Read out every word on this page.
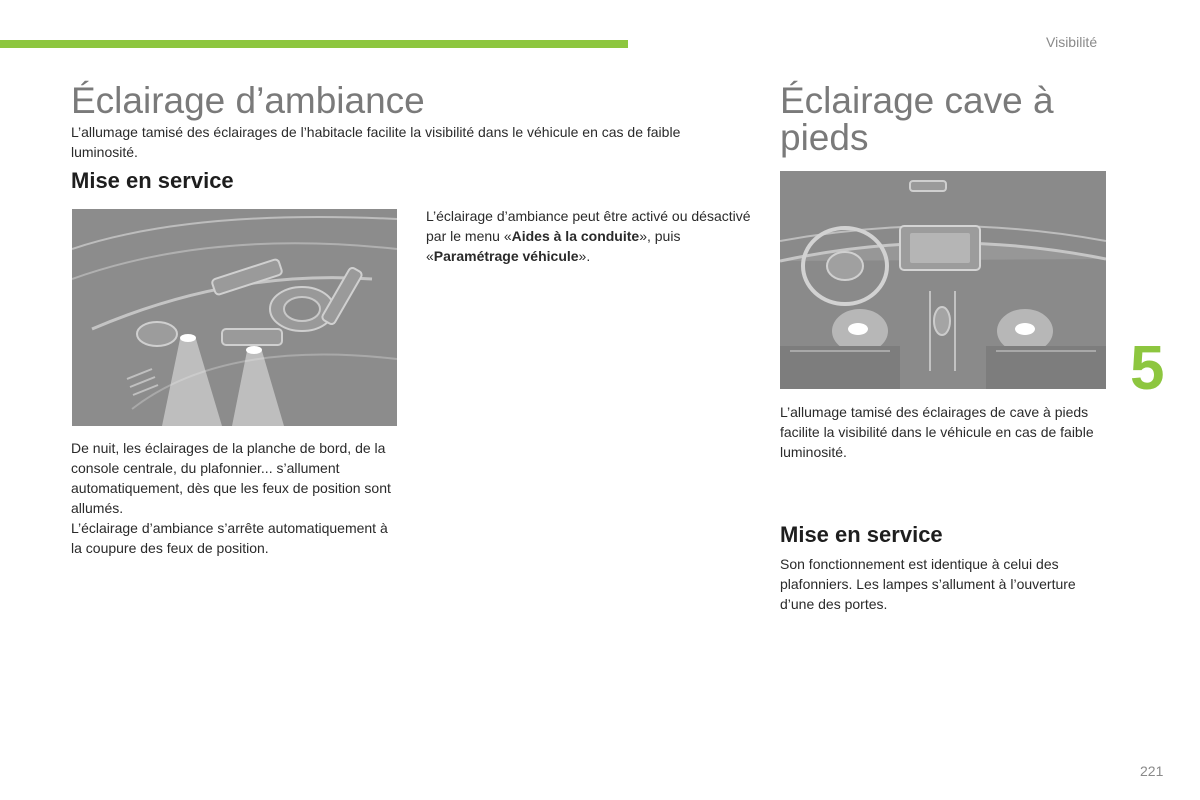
Visibilité
5
221
Éclairage d’ambiance

L’allumage tamisé des éclairages de l’habitacle facilite la visibilité dans le véhicule en cas de faible luminosité.

Mise en service

L’éclairage d’ambiance peut être activé ou désactivé par le menu «Aides à la conduite», puis «Paramétrage véhicule».

De nuit, les éclairages de la planche de bord, de la console centrale, du plafonnier... s’allument automatiquement, dès que les feux de position sont allumés.

L’éclairage d’ambiance s’arrête automatiquement à la coupure des feux de position.

Éclairage cave à pieds

L’allumage tamisé des éclairages de cave à pieds facilite la visibilité dans le véhicule en cas de faible luminosité.

Mise en service

Son fonctionnement est identique à celui des plafonniers. Les lampes s’allument à l’ouverture d’une des portes.
